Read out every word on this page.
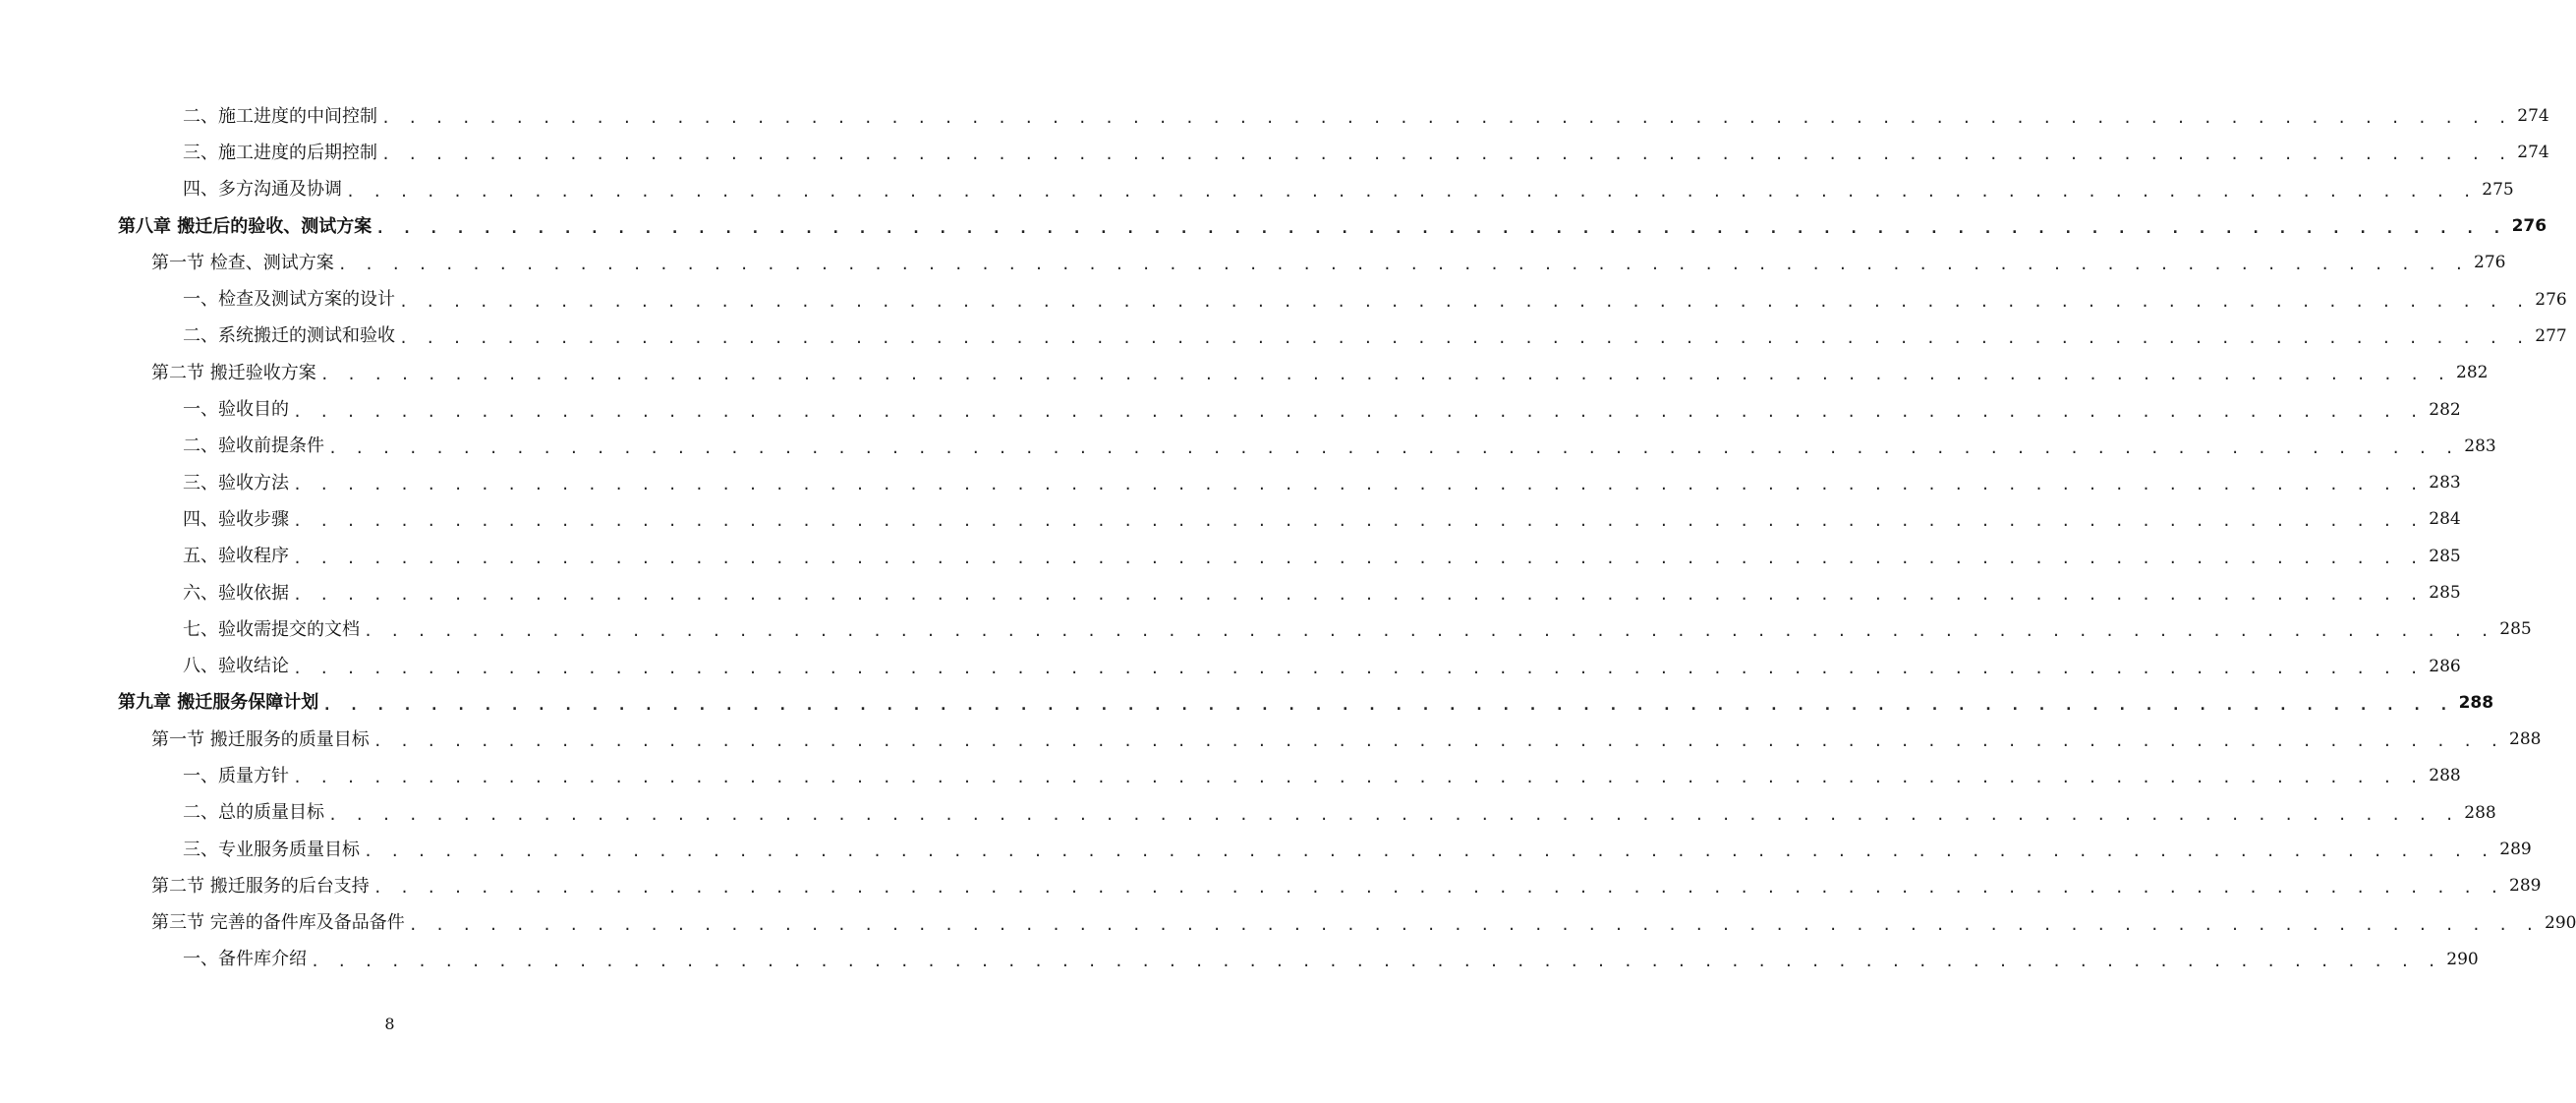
二、施工进度的中间控制 . . . . . . . . . . . . . . . . . . . . . . . . . . . . . . . . . . . . . . . . . . . . . . . . . . . . . . . . . . . . . . . . . . . . . . . . . . . . . . . . 274
三、施工进度的后期控制 . . . . . . . . . . . . . . . . . . . . . . . . . . . . . . . . . . . . . . . . . . . . . . . . . . . . . . . . . . . . . . . . . . . . . . . . . . . . . . . . 274
四、多方沟通及协调 . . . . . . . . . . . . . . . . . . . . . . . . . . . . . . . . . . . . . . . . . . . . . . . . . . . . . . . . . . . . . . . . . . . . . . . . . . . . . . . . 275
第八章 搬迁后的验收、测试方案 . . . . . . . . . . . . . . . . . . . . . . . . . . . . . . . . . . . . . . . . . . . . . . . . . . . . . . . . . . . . . . . . . . . . . . . . . . . . . . . . 276
第一节 检查、测试方案 . . . . . . . . . . . . . . . . . . . . . . . . . . . . . . . . . . . . . . . . . . . . . . . . . . . . . . . . . . . . . . . . . . . . . . . . . . . . . . . . 276
一、检查及测试方案的设计 . . . . . . . . . . . . . . . . . . . . . . . . . . . . . . . . . . . . . . . . . . . . . . . . . . . . . . . . . . . . . . . . . . . . . . . . . . . . . . . . 276
二、系统搬迁的测试和验收 . . . . . . . . . . . . . . . . . . . . . . . . . . . . . . . . . . . . . . . . . . . . . . . . . . . . . . . . . . . . . . . . . . . . . . . . . . . . . . . . 277
第二节 搬迁验收方案 . . . . . . . . . . . . . . . . . . . . . . . . . . . . . . . . . . . . . . . . . . . . . . . . . . . . . . . . . . . . . . . . . . . . . . . . . . . . . . . . 282
一、验收目的 . . . . . . . . . . . . . . . . . . . . . . . . . . . . . . . . . . . . . . . . . . . . . . . . . . . . . . . . . . . . . . . . . . . . . . . . . . . . . . . . 282
二、验收前提条件 . . . . . . . . . . . . . . . . . . . . . . . . . . . . . . . . . . . . . . . . . . . . . . . . . . . . . . . . . . . . . . . . . . . . . . . . . . . . . . . . 283
三、验收方法 . . . . . . . . . . . . . . . . . . . . . . . . . . . . . . . . . . . . . . . . . . . . . . . . . . . . . . . . . . . . . . . . . . . . . . . . . . . . . . . . 283
四、验收步骤 . . . . . . . . . . . . . . . . . . . . . . . . . . . . . . . . . . . . . . . . . . . . . . . . . . . . . . . . . . . . . . . . . . . . . . . . . . . . . . . . 284
五、验收程序 . . . . . . . . . . . . . . . . . . . . . . . . . . . . . . . . . . . . . . . . . . . . . . . . . . . . . . . . . . . . . . . . . . . . . . . . . . . . . . . . 285
六、验收依据 . . . . . . . . . . . . . . . . . . . . . . . . . . . . . . . . . . . . . . . . . . . . . . . . . . . . . . . . . . . . . . . . . . . . . . . . . . . . . . . . 285
七、验收需提交的文档 . . . . . . . . . . . . . . . . . . . . . . . . . . . . . . . . . . . . . . . . . . . . . . . . . . . . . . . . . . . . . . . . . . . . . . . . . . . . . . . . 285
八、验收结论 . . . . . . . . . . . . . . . . . . . . . . . . . . . . . . . . . . . . . . . . . . . . . . . . . . . . . . . . . . . . . . . . . . . . . . . . . . . . . . . . 286
第九章 搬迁服务保障计划 . . . . . . . . . . . . . . . . . . . . . . . . . . . . . . . . . . . . . . . . . . . . . . . . . . . . . . . . . . . . . . . . . . . . . . . . . . . . . . . . 288
第一节 搬迁服务的质量目标 . . . . . . . . . . . . . . . . . . . . . . . . . . . . . . . . . . . . . . . . . . . . . . . . . . . . . . . . . . . . . . . . . . . . . . . . . . . . . . . . 288
一、质量方针 . . . . . . . . . . . . . . . . . . . . . . . . . . . . . . . . . . . . . . . . . . . . . . . . . . . . . . . . . . . . . . . . . . . . . . . . . . . . . . . . 288
二、总的质量目标 . . . . . . . . . . . . . . . . . . . . . . . . . . . . . . . . . . . . . . . . . . . . . . . . . . . . . . . . . . . . . . . . . . . . . . . . . . . . . . . . 288
三、专业服务质量目标 . . . . . . . . . . . . . . . . . . . . . . . . . . . . . . . . . . . . . . . . . . . . . . . . . . . . . . . . . . . . . . . . . . . . . . . . . . . . . . . . 289
第二节 搬迁服务的后台支持 . . . . . . . . . . . . . . . . . . . . . . . . . . . . . . . . . . . . . . . . . . . . . . . . . . . . . . . . . . . . . . . . . . . . . . . . . . . . . . . . 289
第三节 完善的备件库及备品备件 . . . . . . . . . . . . . . . . . . . . . . . . . . . . . . . . . . . . . . . . . . . . . . . . . . . . . . . . . . . . . . . . . . . . . . . . . . . . . . . . 290
一、备件库介绍 . . . . . . . . . . . . . . . . . . . . . . . . . . . . . . . . . . . . . . . . . . . . . . . . . . . . . . . . . . . . . . . . . . . . . . . . . . . . . . . . 290
8
